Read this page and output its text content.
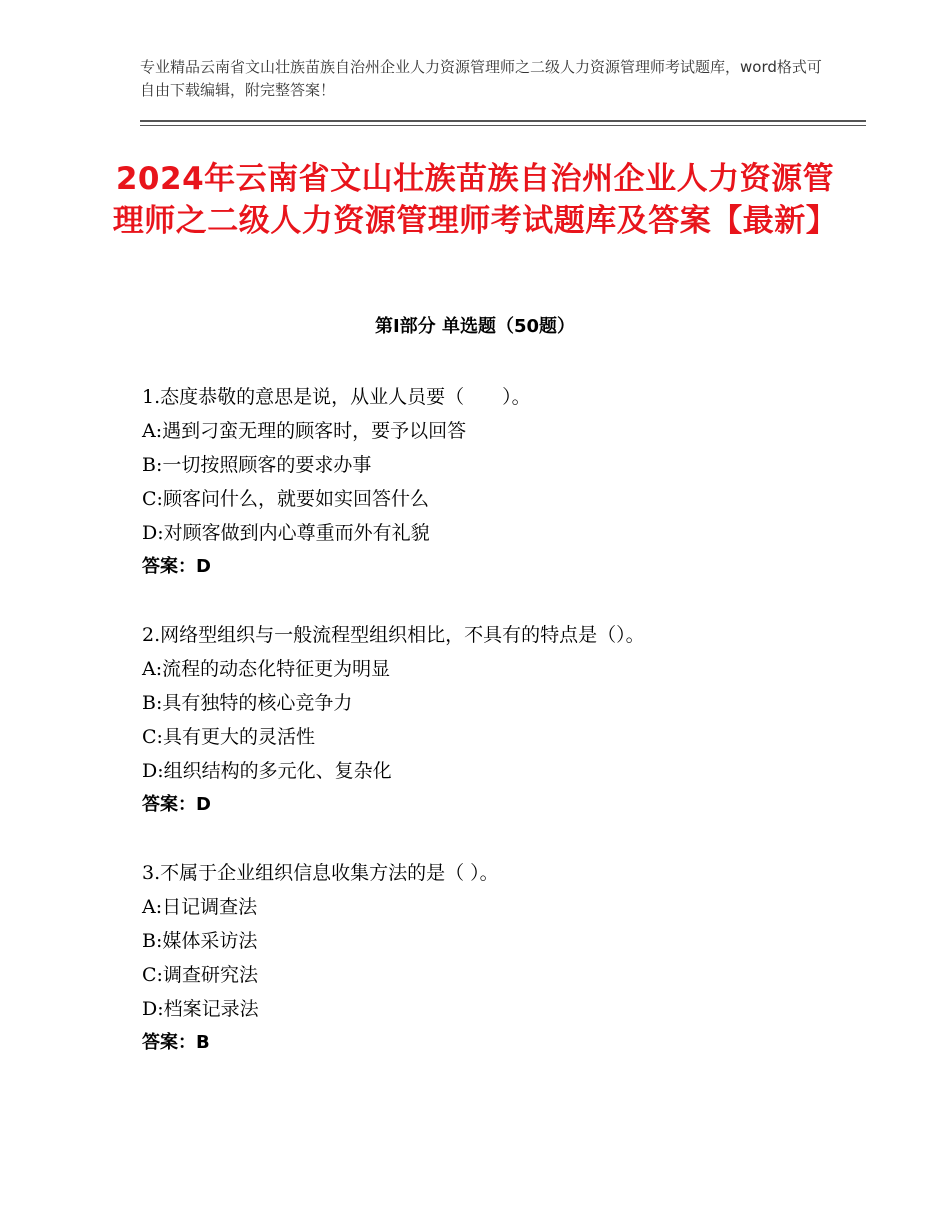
专业精品云南省文山壮族苗族自治州企业人力资源管理师之二级人力资源管理师考试题库，word格式可自由下载编辑，附完整答案！
2024年云南省文山壮族苗族自治州企业人力资源管理师之二级人力资源管理师考试题库及答案【最新】
第Ⅰ部分 单选题（50题）
1.态度恭敬的意思是说，从业人员要（　　）。
A:遇到刁蛮无理的顾客时，要予以回答
B:一切按照顾客的要求办事
C:顾客问什么，就要如实回答什么
D:对顾客做到内心尊重而外有礼貌
答案：D
2.网络型组织与一般流程型组织相比，不具有的特点是（）。
A:流程的动态化特征更为明显
B:具有独特的核心竞争力
C:具有更大的灵活性
D:组织结构的多元化、复杂化
答案：D
3.不属于企业组织信息收集方法的是（ ）。
A:日记调查法
B:媒体采访法
C:调查研究法
D:档案记录法
答案：B
